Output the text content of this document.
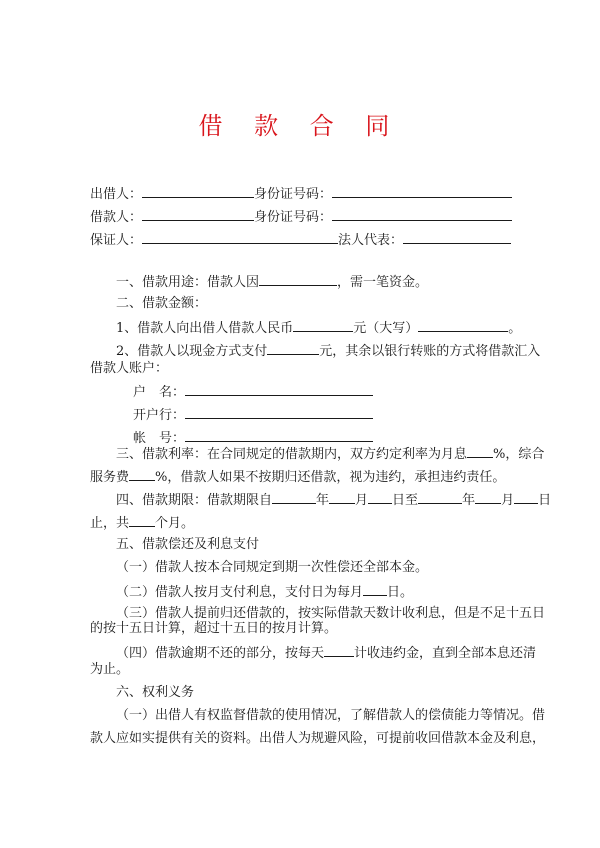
借 款 合 同
出借人：	身份证号码：
借款人：	身份证号码：
保证人：	法人代表：
一、借款用途：借款人因	，需一笔资金。
二、借款金额：
1、借款人向出借人借款人民币	元（大写）	。
2、借款人以现金方式支付	元，其余以银行转账的方式将借款汇入
借款人账户：
户　名：
开户行：
帐　号：
三、借款利率：在合同规定的借款期内，双方约定利率为月息 %，综合
服务费 %，借款人如果不按期归还借款，视为违约，承担违约责任。
四、借款期限：借款期限自	年 月 日至	年 月 日
止，共 个月。
五、借款偿还及利息支付
（一）借款人按本合同规定到期一次性偿还全部本金。
（二）借款人按月支付利息，支付日为每月 日。
（三）借款人提前归还借款的，按实际借款天数计收利息，但是不足十五日
的按十五日计算，超过十五日的按月计算。
（四）借款逾期不还的部分，按每天 计收违约金，直到全部本息还清
为止。
六、权利义务
（一）出借人有权监督借款的使用情况，了解借款人的偿债能力等情况。借
款人应如实提供有关的资料。出借人为规避风险，可提前收回借款本金及利息，
